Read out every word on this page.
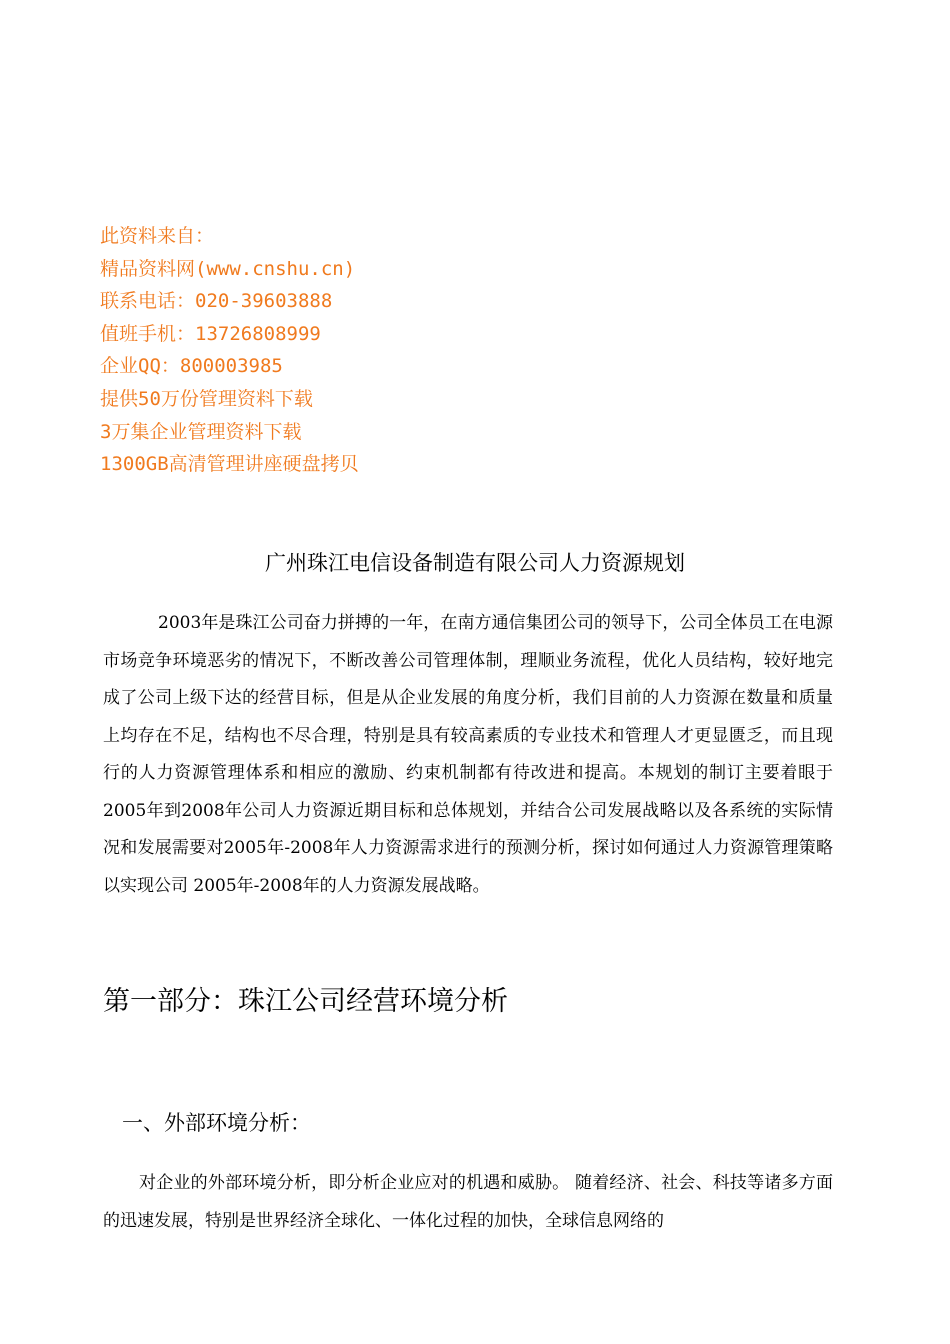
此资料来自：
精品资料网(www.cnshu.cn)
联系电话：020-39603888
值班手机：13726808999
企业QQ：800003985
提供50万份管理资料下载
3万集企业管理资料下载
1300GB高清管理讲座硬盘拷贝
广州珠江电信设备制造有限公司人力资源规划

2003年是珠江公司奋力拼搏的一年，在南方通信集团公司的领导下，公司全体员工在电源市场竞争环境恶劣的情况下，不断改善公司管理体制，理顺业务流程，优化人员结构，较好地完成了公司上级下达的经营目标，但是从企业发展的角度分析，我们目前的人力资源在数量和质量上均存在不足，结构也不尽合理，特别是具有较高素质的专业技术和管理人才更显匮乏，而且现行的人力资源管理体系和相应的激励、约束机制都有待改进和提高。本规划的制订主要着眼于2005年到2008年公司人力资源近期目标和总体规划，并结合公司发展战略以及各系统的实际情况和发展需要对2005年-2008年人力资源需求进行的预测分析，探讨如何通过人力资源管理策略以实现公司 2005年-2008年的人力资源发展战略。

第一部分：珠江公司经营环境分析
一、外部环境分析：

对企业的外部环境分析，即分析企业应对的机遇和威胁。 随着经济、社会、科技等诸多方面的迅速发展，特别是世界经济全球化、一体化过程的加快，全球信息网络的
